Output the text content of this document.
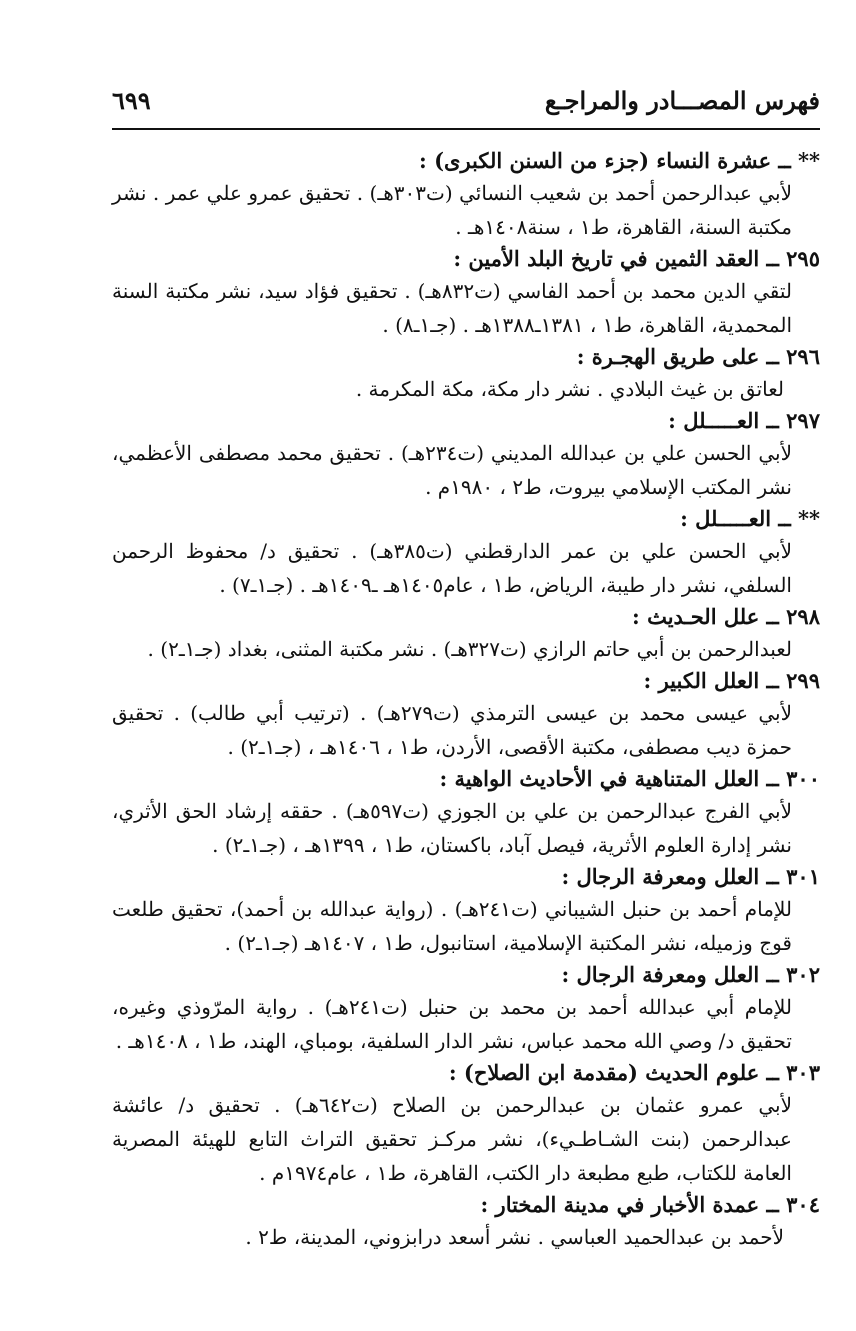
فهرس المصـــادر والمراجـع
٦٩٩
** ــ عشرة النساء (جزء من السنن الكبرى) :
لأبي عبدالرحمن أحمد بن شعيب النسائي (ت٣٠٣هـ) . تحقيق عمرو علي عمر . نشر مكتبة السنة، القاهرة، ط١ ، سنة١٤٠٨هـ .
٢٩٥ ــ العقد الثمين في تاريخ البلد الأمين :
لتقي الدين محمد بن أحمد الفاسي (ت٨٣٢هـ) . تحقيق فؤاد سيد، نشر مكتبة السنة المحمدية، القاهرة، ط١ ، ١٣٨١ـ١٣٨٨هـ . (جـ١ـ٨) .
٢٩٦ ــ على طريق الهجـرة :
لعاتق بن غيث البلادي . نشر دار مكة، مكة المكرمة .
٢٩٧ ــ العـــــلل :
لأبي الحسن علي بن عبدالله المديني (ت٢٣٤هـ) . تحقيق محمد مصطفى الأعظمي، نشر المكتب الإسلامي بيروت، ط٢ ، ١٩٨٠م .
** ــ العـــــلل :
لأبي الحسن علي بن عمر الدارقطني (ت٣٨٥هـ) . تحقيق د/ محفوظ الرحمن السلفي، نشر دار طيبة، الرياض، ط١ ، عام١٤٠٥هـ ـ١٤٠٩هـ . (جـ١ـ٧) .
٢٩٨ ــ علل الحـديث :
لعبدالرحمن بن أبي حاتم الرازي (ت٣٢٧هـ) . نشر مكتبة المثنى، بغداد (جـ١ـ٢) .
٢٩٩ ــ العلل الكبير :
لأبي عيسى محمد بن عيسى الترمذي (ت٢٧٩هـ) . (ترتيب أبي طالب) . تحقيق حمزة ديب مصطفى، مكتبة الأقصى، الأردن، ط١ ، ١٤٠٦هـ ، (جـ١ـ٢) .
٣٠٠ ــ العلل المتناهية في الأحاديث الواهية :
لأبي الفرج عبدالرحمن بن علي بن الجوزي (ت٥٩٧هـ) . حققه إرشاد الحق الأثري، نشر إدارة العلوم الأثرية، فيصل آباد، باكستان، ط١ ، ١٣٩٩هـ ، (جـ١ـ٢) .
٣٠١ ــ العلل ومعرفة الرجال :
للإمام أحمد بن حنبل الشيباني (ت٢٤١هـ) . (رواية عبدالله بن أحمد)، تحقيق طلعت قوج وزميله، نشر المكتبة الإسلامية، استانبول، ط١ ، ١٤٠٧هـ (جـ١ـ٢) .
٣٠٢ ــ العلل ومعرفة الرجال :
للإمام أبي عبدالله أحمد بن محمد بن حنبل (ت٢٤١هـ) . رواية المرّوذي وغيره، تحقيق د/ وصي الله محمد عباس، نشر الدار السلفية، بومباي، الهند، ط١ ، ١٤٠٨هـ .
٣٠٣ ــ علوم الحديث (مقدمة ابن الصلاح) :
لأبي عمرو عثمان بن عبدالرحمن بن الصلاح (ت٦٤٢هـ) . تحقيق د/ عائشة عبدالرحمن (بنت الشـاطـيء)، نشر مركـز تحقيق التراث التابع للهيئة المصرية العامة للكتاب، طبع مطبعة دار الكتب، القاهرة، ط١ ، عام١٩٧٤م .
٣٠٤ ــ عمدة الأخبار في مدينة المختار :
لأحمد بن عبدالحميد العباسي . نشر أسعد درابزوني، المدينة، ط٢ .
